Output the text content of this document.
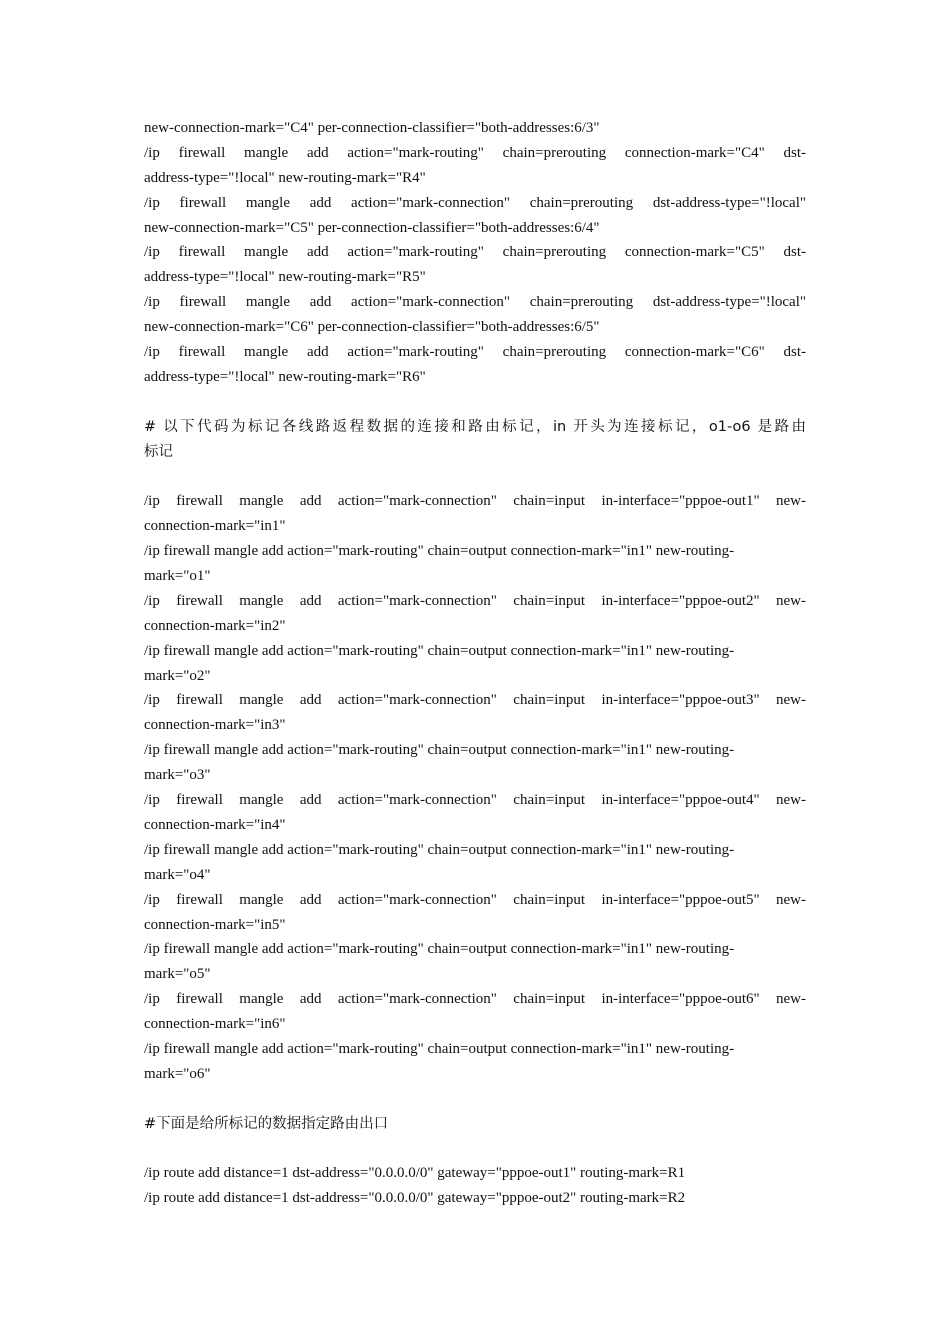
new-connection-mark="C4" per-connection-classifier="both-addresses:6/3"
/ip firewall mangle add action="mark-routing" chain=prerouting connection-mark="C4" dst-
address-type="!local" new-routing-mark="R4"
/ip firewall mangle add action="mark-connection" chain=prerouting dst-address-type="!local"
new-connection-mark="C5" per-connection-classifier="both-addresses:6/4"
/ip firewall mangle add action="mark-routing" chain=prerouting connection-mark="C5" dst-
address-type="!local" new-routing-mark="R5"
/ip firewall mangle add action="mark-connection" chain=prerouting dst-address-type="!local"
new-connection-mark="C6" per-connection-classifier="both-addresses:6/5"
/ip firewall mangle add action="mark-routing" chain=prerouting connection-mark="C6" dst-
address-type="!local" new-routing-mark="R6"
# 以下代码为标记各线路返程数据的连接和路由标记，in 开头为连接标记，o1-o6 是路由
标记
/ip firewall mangle add action="mark-connection" chain=input in-interface="pppoe-out1" new-
connection-mark="in1"
/ip firewall mangle add action="mark-routing" chain=output connection-mark="in1" new-routing-
mark="o1"
/ip firewall mangle add action="mark-connection" chain=input in-interface="pppoe-out2" new-
connection-mark="in2"
/ip firewall mangle add action="mark-routing" chain=output connection-mark="in1" new-routing-
mark="o2"
/ip firewall mangle add action="mark-connection" chain=input in-interface="pppoe-out3" new-
connection-mark="in3"
/ip firewall mangle add action="mark-routing" chain=output connection-mark="in1" new-routing-
mark="o3"
/ip firewall mangle add action="mark-connection" chain=input in-interface="pppoe-out4" new-
connection-mark="in4"
/ip firewall mangle add action="mark-routing" chain=output connection-mark="in1" new-routing-
mark="o4"
/ip firewall mangle add action="mark-connection" chain=input in-interface="pppoe-out5" new-
connection-mark="in5"
/ip firewall mangle add action="mark-routing" chain=output connection-mark="in1" new-routing-
mark="o5"
/ip firewall mangle add action="mark-connection" chain=input in-interface="pppoe-out6" new-
connection-mark="in6"
/ip firewall mangle add action="mark-routing" chain=output connection-mark="in1" new-routing-
mark="o6"
#下面是给所标记的数据指定路由出口
/ip route add distance=1 dst-address="0.0.0.0/0" gateway="pppoe-out1" routing-mark=R1
/ip route add distance=1 dst-address="0.0.0.0/0" gateway="pppoe-out2" routing-mark=R2
